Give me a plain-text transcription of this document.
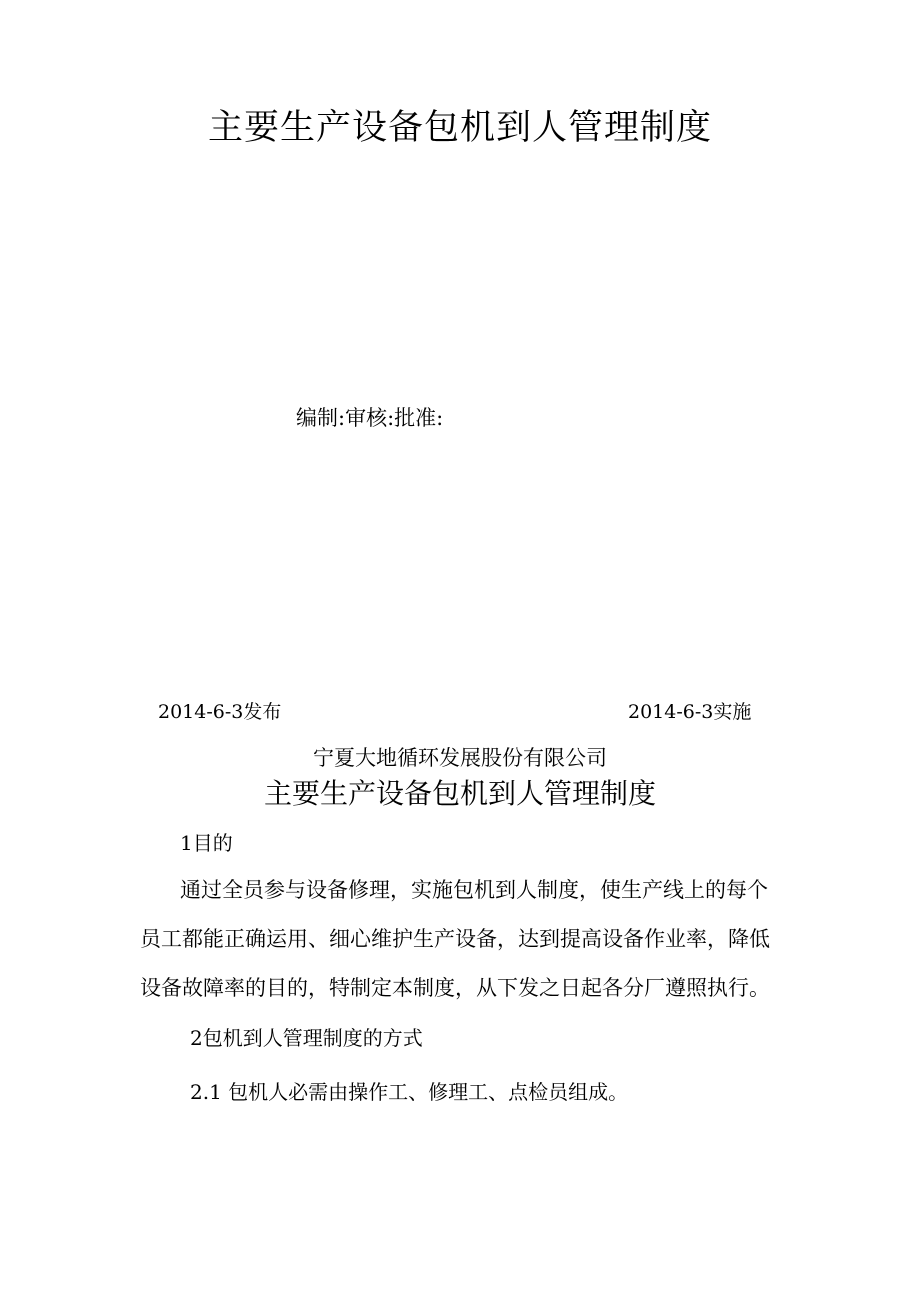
主要生产设备包机到人管理制度
编制:审核:批准:
2014-6-3发布	2014-6-3实施
宁夏大地循环发展股份有限公司
主要生产设备包机到人管理制度
1目的
通过全员参与设备修理，实施包机到人制度，使生产线上的每个
员工都能正确运用、细心维护生产设备，达到提高设备作业率，降低
设备故障率的目的，特制定本制度，从下发之日起各分厂遵照执行。
2包机到人管理制度的方式
2.1 包机人必需由操作工、修理工、点检员组成。
